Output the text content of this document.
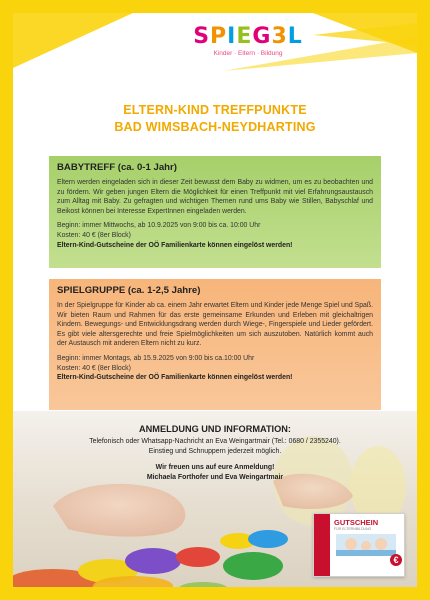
SPIEG3L
Kinder · Eltern · Bildung
ELTERN-KIND TREFFPUNKTE
BAD WIMSBACH-NEYDHARTING
BABYTREFF (ca. 0-1 Jahr)

Eltern werden eingeladen sich in dieser Zeit bewusst dem Baby zu widmen, um es zu beobachten und zu fördern. Wir geben jungen Eltern die Möglichkeit für einen Treffpunkt mit viel Erfahrungsaustausch zum Alltag mit Baby. Zu gefragten und wichtigen Themen rund ums Baby wie Stillen, Babyschlaf und Beikost können bei Interesse ExpertInnen eingeladen werden.

Beginn: immer Mittwochs, ab 10.9.2025 von 9:00 bis ca. 10:00 Uhr
Kosten: 40 € (8er Block)
Eltern-Kind-Gutscheine der OÖ Familienkarte können eingelöst werden!
SPIELGRUPPE (ca. 1-2,5 Jahre)

In der Spielgruppe für Kinder ab ca. einem Jahr erwartet Eltern und Kinder jede Menge Spiel und Spaß. Wir bieten Raum und Rahmen für das erste gemeinsame Erkunden und Erleben mit gleichaltrigen Kindern. Bewegungs- und Entwicklungsdrang werden durch Wiege-, Fingerspiele und Lieder gefördert. Es gibt viele altersgerechte und freie Spielmöglichkeiten um sich auszutoben. Natürlich kommt auch der Austausch mit anderen Eltern nicht zu kurz.

Beginn: immer Montags, ab 15.9.2025 von 9:00 bis ca.10:00 Uhr
Kosten: 40 € (8er Block)
Eltern-Kind-Gutscheine der OÖ Familienkarte können eingelöst werden!
ANMELDUNG UND INFORMATION:
Telefonisch oder Whatsapp-Nachricht an Eva Weingartmair (Tel.: 0680 / 2355240).
Einstieg und Schnuppern jederzeit möglich.
Wir freuen uns auf eure Anmeldung!
Michaela Forthofer und Eva Weingartmair
GUTSCHEIN
FÜR ELTERNBILDUNG
€
